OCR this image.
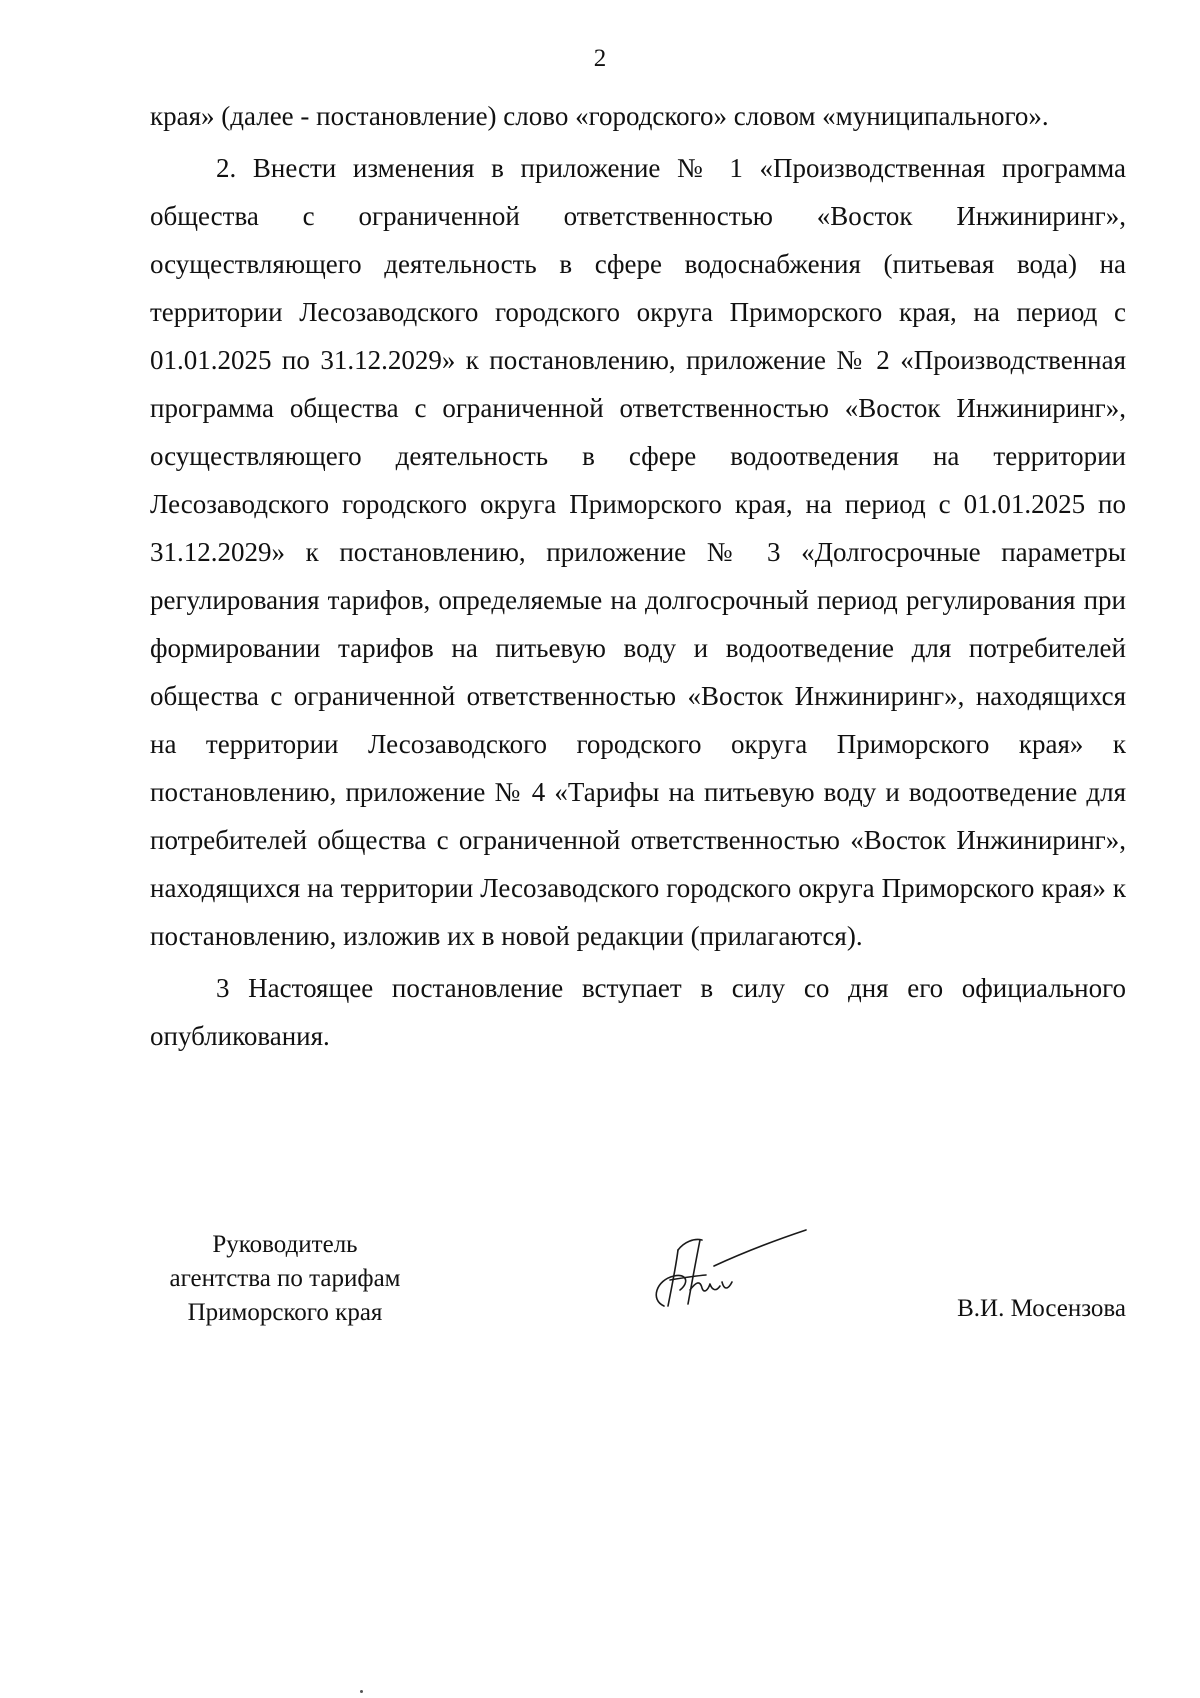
2

края» (далее - постановление) слово «городского» словом «муниципального».

2. Внести изменения в приложение № 1 «Производственная программа общества с ограниченной ответственностью «Восток Инжиниринг», осуществляющего деятельность в сфере водоснабжения (питьевая вода) на территории Лесозаводского городского округа Приморского края, на период с 01.01.2025 по 31.12.2029» к постановлению, приложение № 2 «Производственная программа общества с ограниченной ответственностью «Восток Инжиниринг», осуществляющего деятельность в сфере водоотведения на территории Лесозаводского городского округа Приморского края, на период с 01.01.2025 по 31.12.2029» к постановлению, приложение № 3 «Долгосрочные параметры регулирования тарифов, определяемые на долгосрочный период регулирования при формировании тарифов на питьевую воду и водоотведение для потребителей общества с ограниченной ответственностью «Восток Инжиниринг», находящихся на территории Лесозаводского городского округа Приморского края» к постановлению, приложение № 4 «Тарифы на питьевую воду и водоотведение для потребителей общества с ограниченной ответственностью «Восток Инжиниринг», находящихся на территории Лесозаводского городского округа Приморского края» к постановлению, изложив их в новой редакции (прилагаются).

3 Настоящее постановление вступает в силу со дня его официального опубликования.

Руководитель
агентства по тарифам
Приморского края	В.И. Мосензова
